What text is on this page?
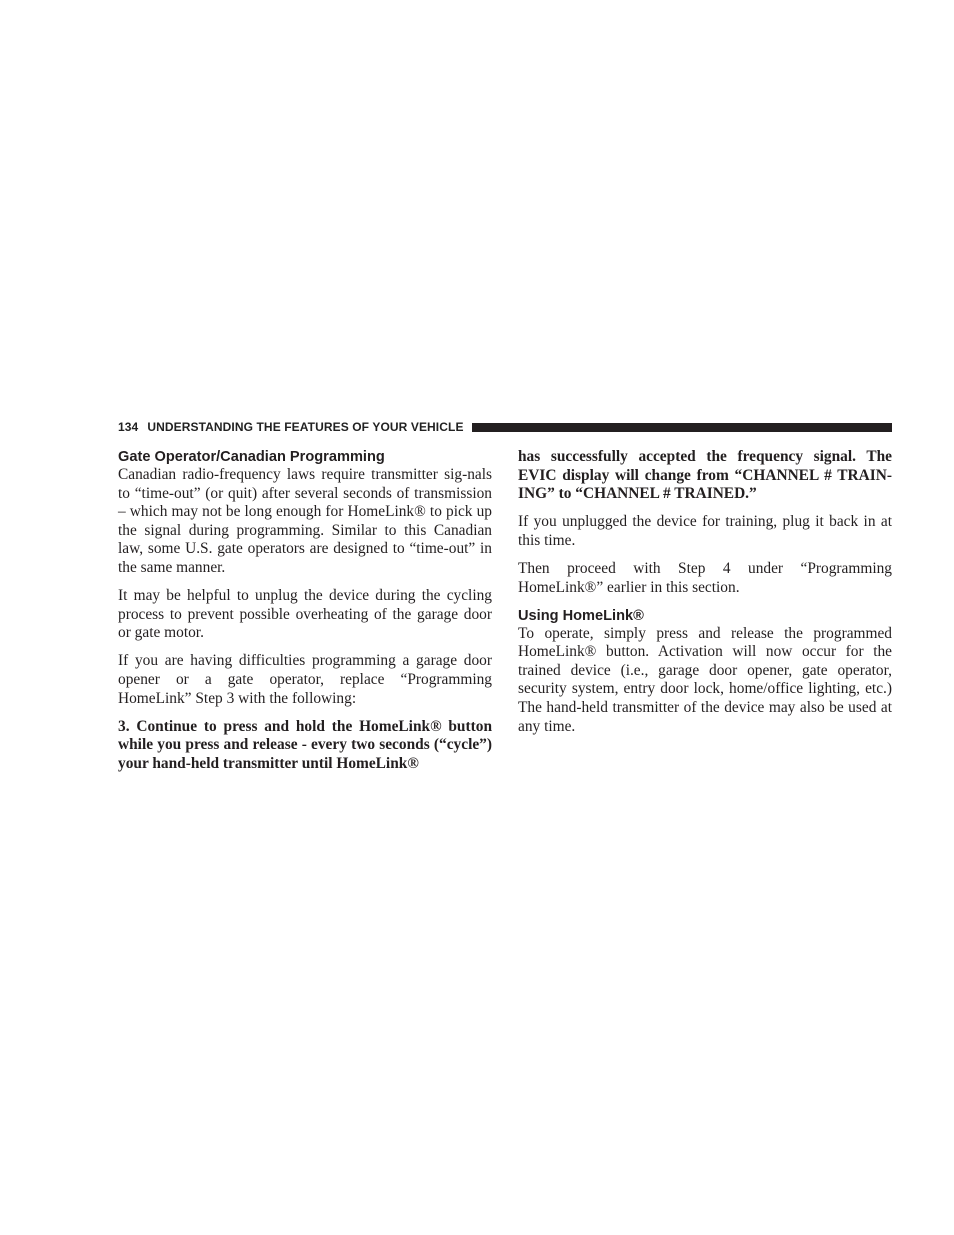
134 UNDERSTANDING THE FEATURES OF YOUR VEHICLE
Gate Operator/Canadian Programming

Canadian radio-frequency laws require transmitter sig-nals to “time-out” (or quit) after several seconds of transmission – which may not be long enough for HomeLink® to pick up the signal during programming. Similar to this Canadian law, some U.S. gate operators are designed to “time-out” in the same manner.

It may be helpful to unplug the device during the cycling process to prevent possible overheating of the garage door or gate motor.

If you are having difficulties programming a garage door opener or a gate operator, replace “Programming HomeLink” Step 3 with the following:

3. Continue to press and hold the HomeLink® button while you press and release - every two seconds (“cycle”) your hand-held transmitter until HomeLink®

has successfully accepted the frequency signal. The EVIC display will change from “CHANNEL # TRAIN-ING” to “CHANNEL # TRAINED.”

If you unplugged the device for training, plug it back in at this time.

Then proceed with Step 4 under “Programming HomeLink®” earlier in this section.

Using HomeLink®

To operate, simply press and release the programmed HomeLink® button. Activation will now occur for the trained device (i.e., garage door opener, gate operator, security system, entry door lock, home/office lighting, etc.) The hand-held transmitter of the device may also be used at any time.
